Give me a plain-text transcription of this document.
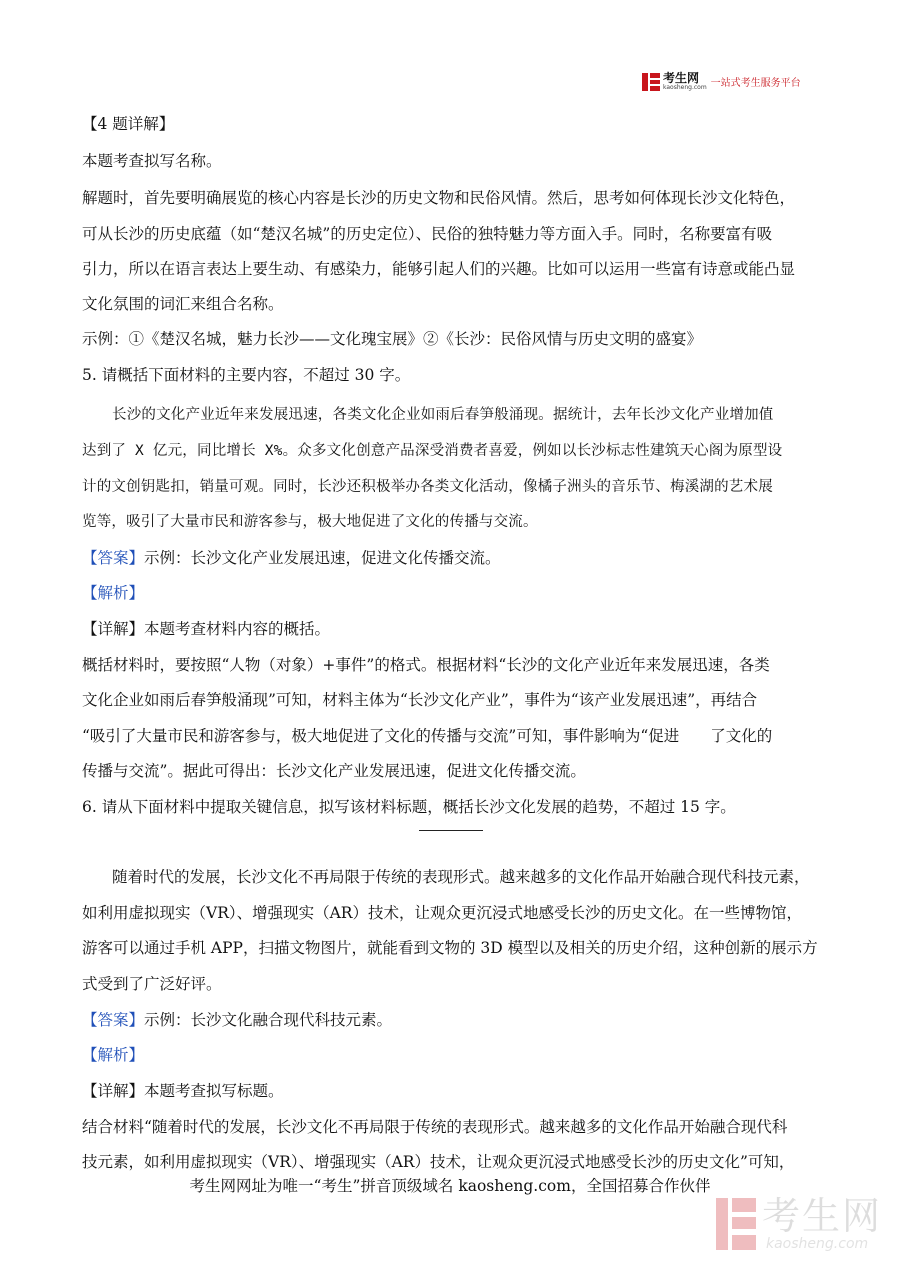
考生网
kaosheng.com 一站式考生服务平台
【4 题详解】
本题考查拟写名称。
解题时，首先要明确展览的核心内容是长沙的历史文物和民俗风情。然后，思考如何体现长沙文化特色，
可从长沙的历史底蕴（如“楚汉名城”的历史定位）、民俗的独特魅力等方面入手。同时，名称要富有吸
引力，所以在语言表达上要生动、有感染力，能够引起人们的兴趣。比如可以运用一些富有诗意或能凸显
文化氛围的词汇来组合名称。
示例：①《楚汉名城，魅力长沙——文化瑰宝展》②《长沙：民俗风情与历史文明的盛宴》
5. 请概括下面材料的主要内容，不超过 30 字。
长沙的文化产业近年来发展迅速，各类文化企业如雨后春笋般涌现。据统计，去年长沙文化产业增加值
达到了 X 亿元，同比增长 X%。众多文化创意产品深受消费者喜爱，例如以长沙标志性建筑天心阁为原型设
计的文创钥匙扣，销量可观。同时，长沙还积极举办各类文化活动，像橘子洲头的音乐节、梅溪湖的艺术展
览等，吸引了大量市民和游客参与，极大地促进了文化的传播与交流。
【答案】示例：长沙文化产业发展迅速，促进文化传播交流。
【解析】
【详解】本题考查材料内容的概括。
概括材料时，要按照“人物（对象）+事件”的格式。根据材料“长沙的文化产业近年来发展迅速，各类
文化企业如雨后春笋般涌现”可知，材料主体为“长沙文化产业”，事件为“该产业发展迅速”，再结合
“吸引了大量市民和游客参与，极大地促进了文化的传播与交流”可知，事件影响为“促进　　了文化的
传播与交流”。据此可得出：长沙文化产业发展迅速，促进文化传播交流。
6. 请从下面材料中提取关键信息，拟写该材料标题，概括长沙文化发展的趋势，不超过 15 字。
随着时代的发展，长沙文化不再局限于传统的表现形式。越来越多的文化作品开始融合现代科技元素，
如利用虚拟现实（VR）、增强现实（AR）技术，让观众更沉浸式地感受长沙的历史文化。在一些博物馆，
游客可以通过手机 APP，扫描文物图片，就能看到文物的 3D 模型以及相关的历史介绍，这种创新的展示方
式受到了广泛好评。
【答案】示例：长沙文化融合现代科技元素。
【解析】
【详解】本题考查拟写标题。
结合材料“随着时代的发展，长沙文化不再局限于传统的表现形式。越来越多的文化作品开始融合现代科
技元素，如利用虚拟现实（VR）、增强现实（AR）技术，让观众更沉浸式地感受长沙的历史文化”可知，
考生网网址为唯一“考生”拼音顶级域名 kaosheng.com，全国招募合作伙伴
考生网
kaosheng.com
